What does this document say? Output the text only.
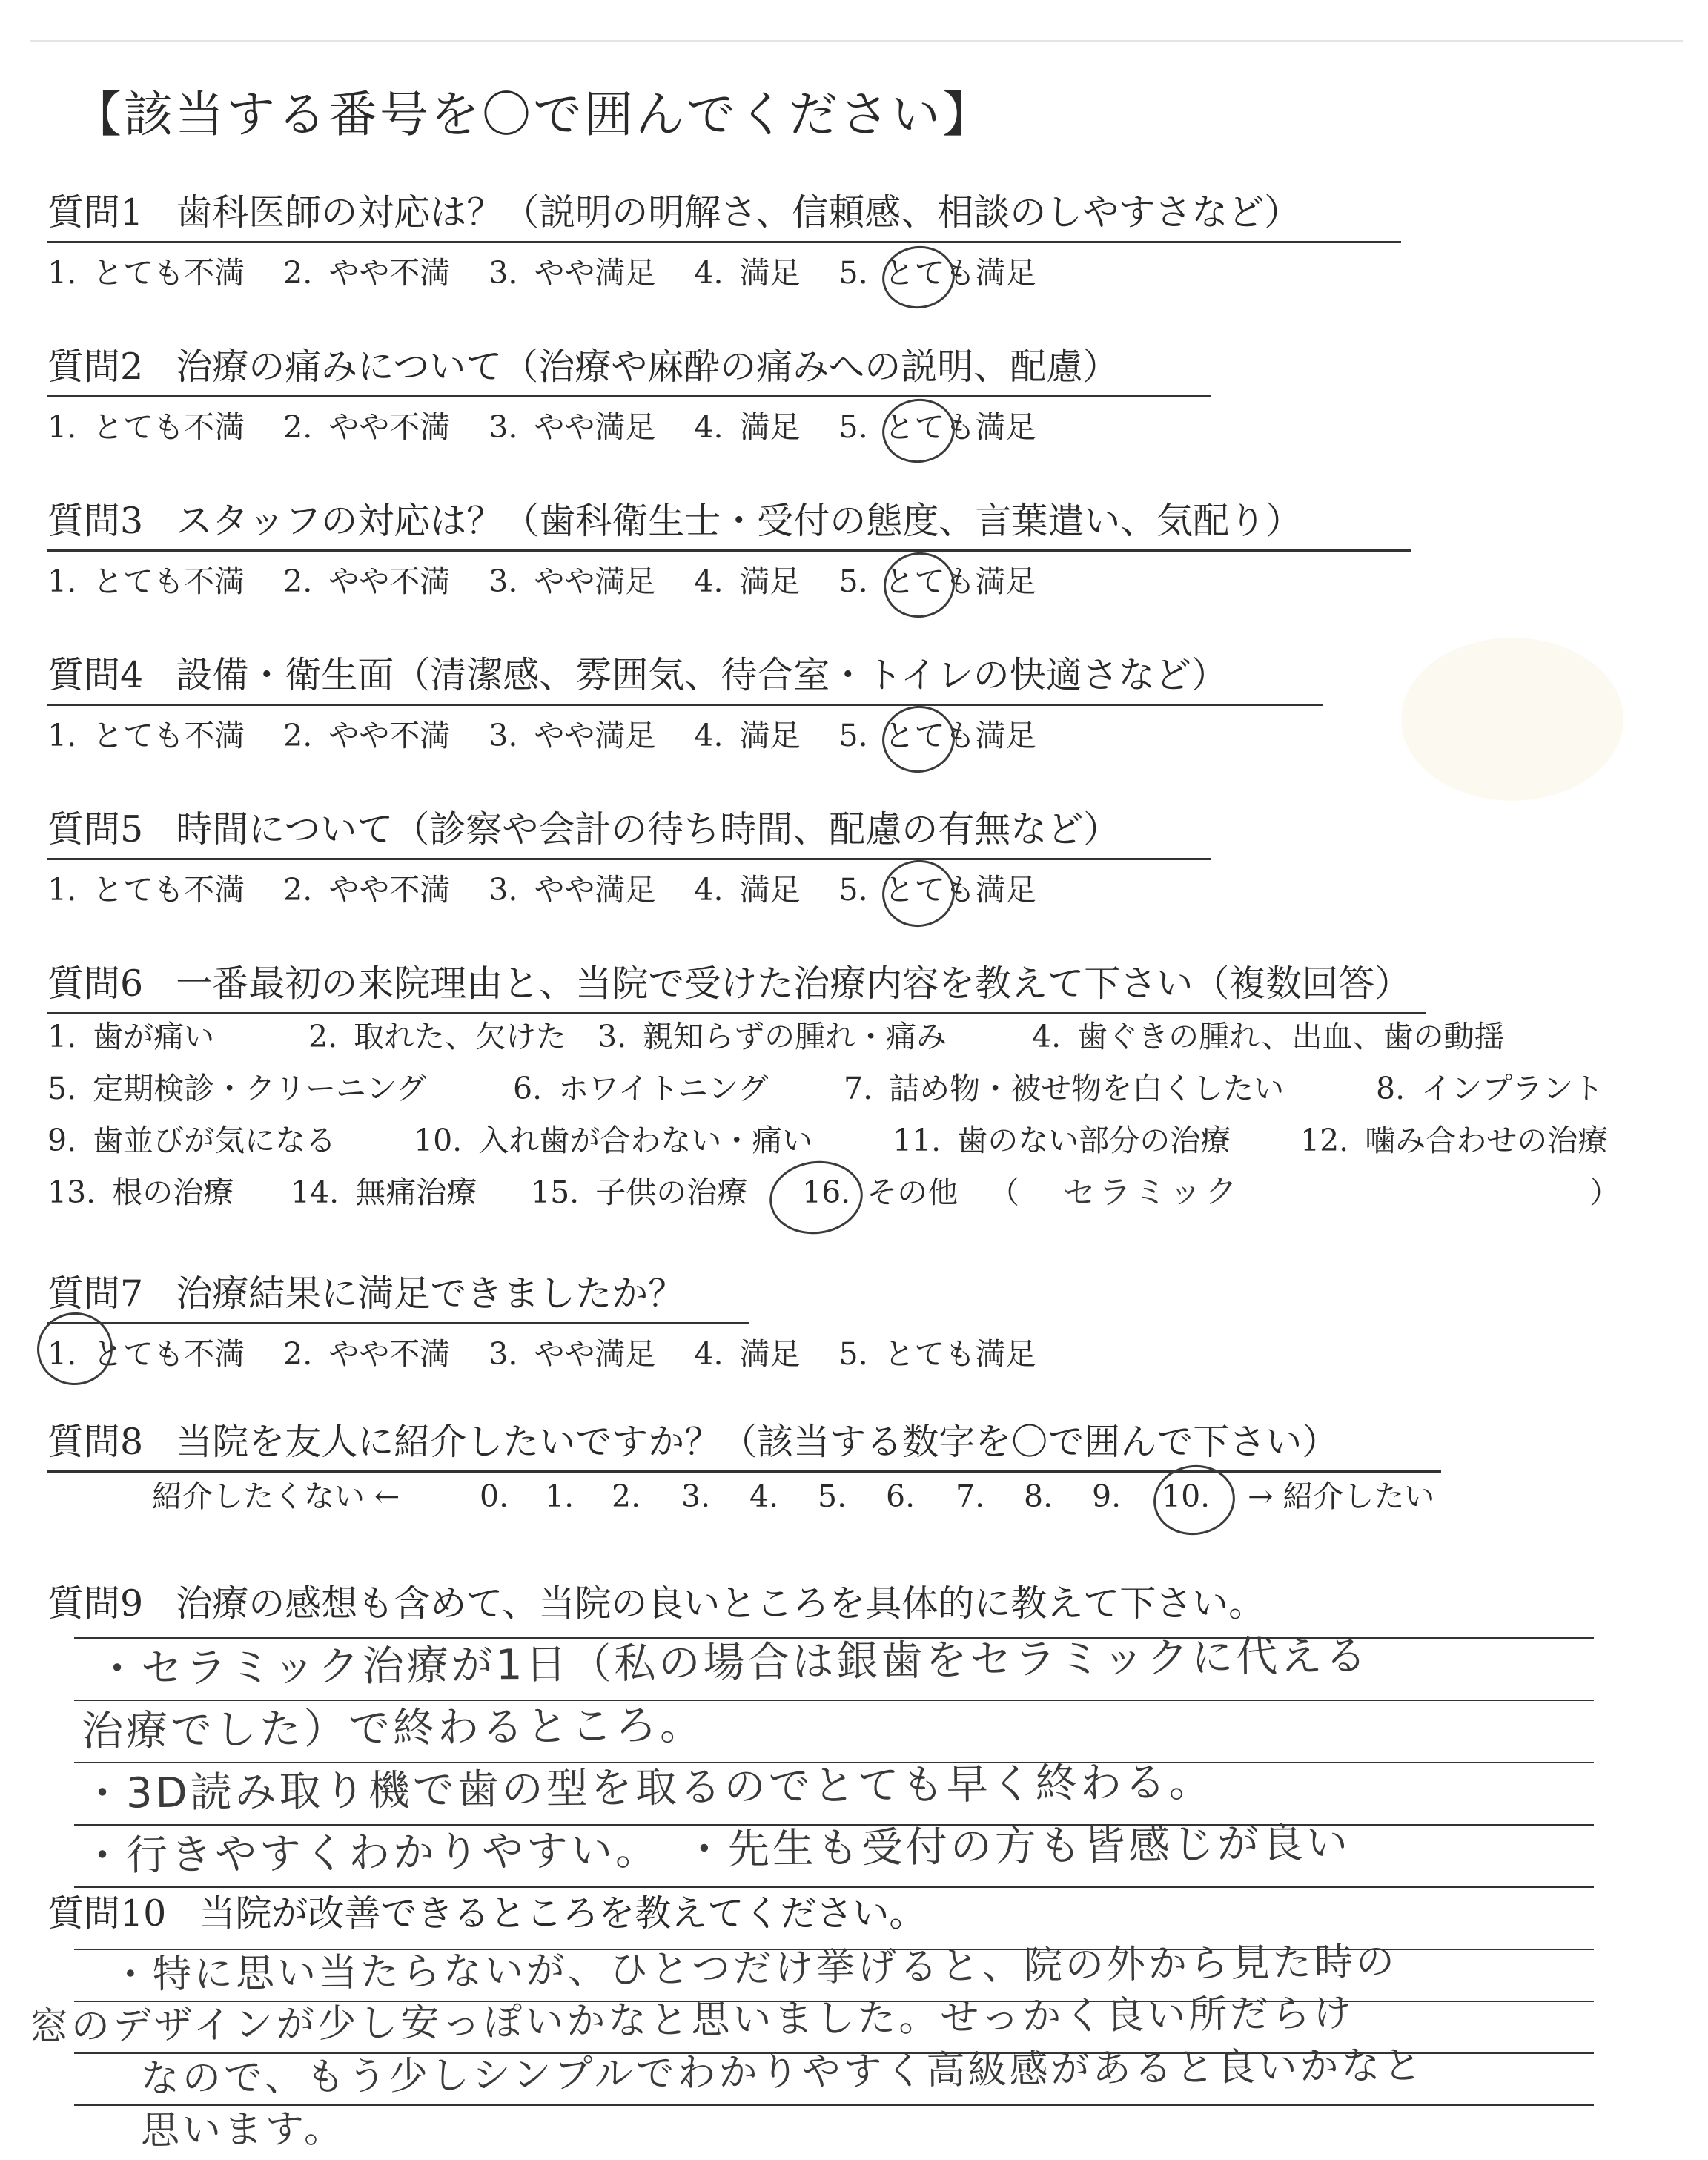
【該当する番号を〇で囲んでください】
質問1 歯科医師の対応は？（説明の明解さ、信頼感、相談のしやすさなど）
1. とても不満 2. やや不満 3. やや満足 4. 満足 5. とても満足
質問2 治療の痛みについて（治療や麻酔の痛みへの説明、配慮）
1. とても不満 2. やや不満 3. やや満足 4. 満足 5. とても満足
質問3 スタッフの対応は？（歯科衛生士・受付の態度、言葉遣い、気配り）
1. とても不満 2. やや不満 3. やや満足 4. 満足 5. とても満足
質問4 設備・衛生面（清潔感、雰囲気、待合室・トイレの快適さなど）
1. とても不満 2. やや不満 3. やや満足 4. 満足 5. とても満足
質問5 時間について（診察や会計の待ち時間、配慮の有無など）
1. とても不満 2. やや不満 3. やや満足 4. 満足 5. とても満足
質問6 一番最初の来院理由と、当院で受けた治療内容を教えて下さい（複数回答）
1. 歯が痛い	2. 取れた、欠けた 3. 親知らずの腫れ・痛み	4. 歯ぐきの腫れ、出血、歯の動揺
5. 定期検診・クリーニング	6. ホワイトニング 7. 詰め物・被せ物を白くしたい	8. インプラント
9. 歯並びが気になる	10. 入れ歯が合わない・痛い	11. 歯のない部分の治療 12. 噛み合わせの治療
13. 根の治療 14. 無痛治療 15. 子供の治療 16. その他 （ セラミック	）
質問7 治療結果に満足できましたか？
1. とても不満 2. やや不満 3. やや満足 4. 満足 5. とても満足
質問8 当院を友人に紹介したいですか？（該当する数字を〇で囲んで下さい）
紹介したくない ←	0. 1. 2. 3. 4. 5. 6. 7. 8. 9. 10. → 紹介したい
質問9 治療の感想も含めて、当院の良いところを具体的に教えて下さい。
・セラミック治療が1日（私の場合は銀歯をセラミックに代える
治療でした）で終わるところ。
・3D読み取り機で歯の型を取るのでとても早く終わる。
・行きやすくわかりやすい。　・先生も受付の方も皆感じが良い
質問10 当院が改善できるところを教えてください。
・特に思い当たらないが、ひとつだけ挙げると、院の外から見た時の
窓のデザインが少し安っぽいかなと思いました。せっかく良い所だらけ
なので、もう少しシンプルでわかりやすく高級感があると良いかなと
思います。
